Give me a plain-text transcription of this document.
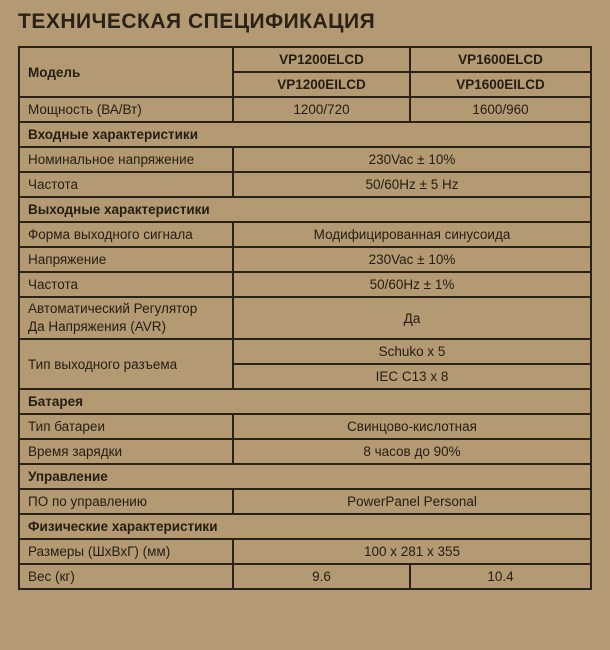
ТЕХНИЧЕСКАЯ СПЕЦИФИКАЦИЯ
Модель	VP1200ELCD	VP1600ELCD
	VP1200EILCD	VP1600EILCD
Мощность (ВА/Вт)	1200/720	1600/960
Входные характеристики		
Номинальное напряжение	230Vac ± 10%	
Частота	50/60Hz ± 5 Hz	
Выходные характеристики		
Форма выходного сигнала	Модифицированная синусоида	
Напряжение	230Vac ± 10%	
Частота	50/60Hz ± 1%	

Автоматический Регулятор
Да Напряжения (AVR)	Да	
Тип выходного разъема	Schuko x 5	
	IEC C13 x 8	
Батарея		
Тип батареи	Свинцово-кислотная	
Время зарядки	8 часов до 90%	
Управление		
ПО по управлению	PowerPanel Personal	
Физические характеристики		
Размеры (ШхВхГ) (мм)	100 x 281 x 355	
Вес (кг)	9.6	10.4
